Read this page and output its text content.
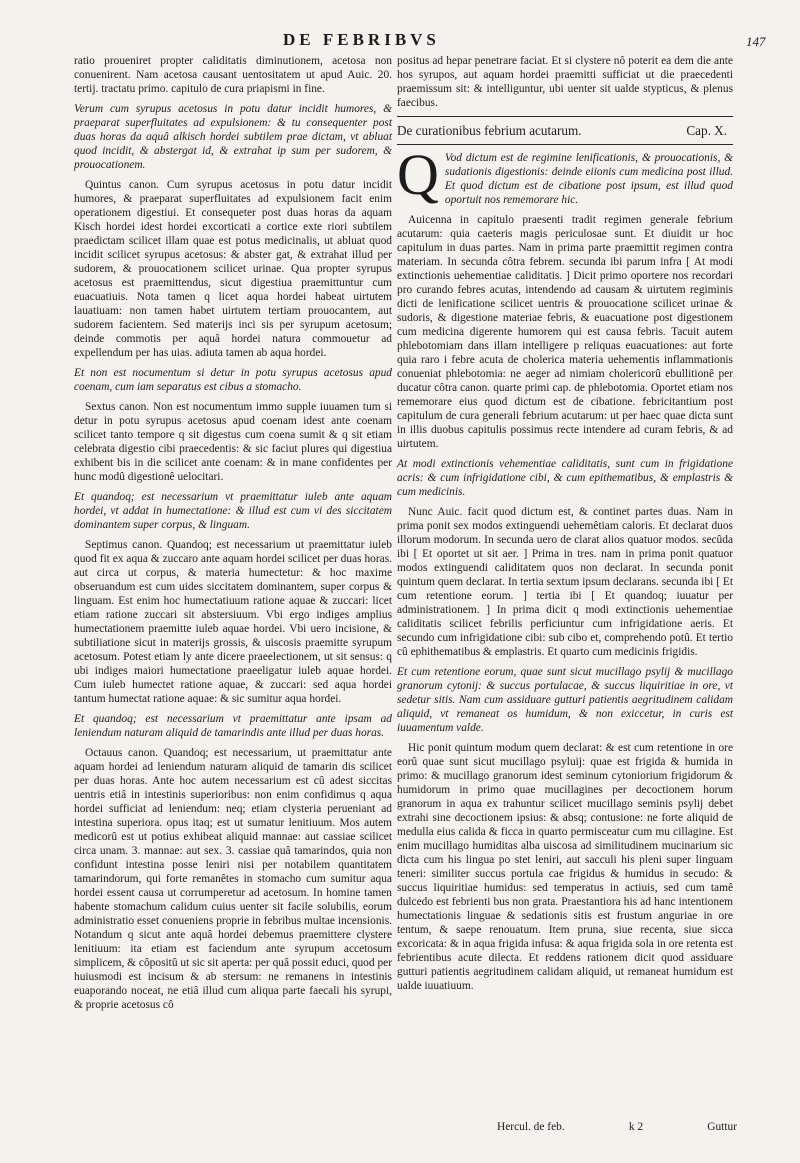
DE FEBRIBVS	147

ratio proueniret propter caliditatis diminutionem, acetosa non conuenirent. Nam acetosa causant uentositatem ut apud Auic. 20. tertij. tractatu primo. capitulo de cura priapismi in fine.

Verum cum syrupus acetosus in potu datur incidit humores, & praeparat superfluitates ad expulsionem: & tu consequenter post duas horas da aquâ alkisch hordei subtilem prae dictam, vt abluat quod incidit, & abstergat id, & extrahat ip sum per sudorem, & prouocationem.

Quintus canon. Cum syrupus acetosus in potu datur incidit humores, & praeparat superfluitates ad expulsionem facit enim operationem digestiui. Et consequeter post duas horas da aquam Kisch hordei idest hordei excorticati a cortice exte riori subtilem praedictam scilicet illam quae est potus medicinalis, ut abluat quod incidit scilicet syrupus acetosus: & abster gat, & extrahat illud per sudorem, & prouocationem scilicet urinae. Qua propter syrupus acetosus est praemittendus, sicut digestiua praemittuntur cum euacuatiuis. Nota tamen q licet aqua hordei habeat uirtutem lauatiuam: non tamen habet uirtutem tertiam prouocantem, aut sudorem facientem. Sed materijs inci sis per syrupum acetosum; deinde commotis per aquâ hordei natura commouetur ad expellendum per has uias. adiuta tamen ab aqua hordei.

Et non est nocumentum si detur in potu syrupus acetosus apud coenam, cum iam separatus est cibus a stomacho.

Sextus canon. Non est nocumentum immo supple iuuamen tum si detur in potu syrupus acetosus apud coenam idest ante coenam scilicet tanto tempore q sit digestus cum coena sumit & q sit etiam celebrata digestio cibi praecedentis: & sic faciut plures qui digestiua exhibent bis in die scilicet ante coenam: & in mane confidentes per hunc modû digestionê uelocitari.

Et quandoq; est necessarium vt praemittatur iuleb ante aquam hordei, vt addat in humectatione: & illud est cum vi des siccitatem dominantem super corpus, & linguam.

Septimus canon. Quandoq; est necessarium ut praemittatur iuleb quod fit ex aqua & zuccaro ante aquam hordei scilicet per duas horas. aut circa ut corpus, & materia humectetur: & hoc maxime obseruandum est cum uides siccitatem dominantem, super corpus & linguam. Est enim hoc humectatiuum ratione aquae & zuccari: licet etiam ratione zuccari sit abstersiuum. Vbi ergo indiges amplius humectationem praemitte iuleb aquae hordei. Vbi uero incisione, & subtiliatione sicut in materijs grossis, & uiscosis praemitte syrupum acetosum. Potest etiam ly ante dicere praeelectionem, ut sit sensus: q ubi indiges maiori humectatione praeeligatur iuleb aquae hordei. Cum iuleb humectet ratione aquae, & zuccari: sed aqua hordei tantum humectat ratione aquae: & sic sumitur aqua hordei.

Et quandoq; est necessarium vt praemittatur ante ipsam ad leniendum naturam aliquid de tamarindis ante illud per duas horas.

Octauus canon. Quandoq; est necessarium, ut praemittatur ante aquam hordei ad leniendum naturam aliquid de tamarin dis scilicet per duas horas. Ante hoc autem necessarium est cû adest siccitas uentris etiâ in intestinis superioribus: non enim confidimus q aqua hordei sufficiat ad leniendum: neq; etiam clysteria perueniant ad intestina superiora. opus itaq; est ut sumatur lenitiuum. Mos autem medicorû est ut potius exhibeat aliquid mannae: aut cassiae scilicet circa unam. 3. mannae: aut sex. 3. cassiae quâ tamarindos, quia non confidunt intestina posse leniri nisi per notabilem quantitatem tamarindorum, qui forte remanêtes in stomacho cum sumitur aqua hordei essent causa ut corrumperetur ad acetosum. In homine tamen habente stomachum calidum cuius uenter sit facile solubilis, eorum administratio esset conueniens proprie in febribus multae incensionis. Notandum q sicut ante aquâ hordei debemus praemittere clystere lenitiuum: ita etiam est faciendum ante syrupum accetosum simplicem, & côpositû ut sic sit aperta: per quâ possit educi, quod per huiusmodi est incisum & ab stersum: ne remanens in intestinis euaporando noceat, ne etiâ illud cum aliqua parte faecali his syrupi, & proprie acetosus cô

positus ad hepar penetrare faciat. Et si clystere nô poterit ea dem die ante hos syrupos, aut aquam hordei praemitti sufficiat ut die praecedenti praemissum sit: & intelliguntur, ubi uenter sit ualde stypticus, & plenus faecibus.

De curationibus febrium acutarum.	Cap. X.

Q Vod dictum est de regimine lenificationis, & prouocationis, & sudationis digestionis: deinde eiionis cum medicina post illud. Et quod dictum est de cibatione post ipsum, est illud quod oportuit nos rememorare hic.

Auicenna in capitulo praesenti tradit regimen generale febrium acutarum: quia caeteris magis periculosae sunt. Et diuidit ur hoc capitulum in duas partes. Nam in prima parte praemittit regimen contra materiam. In secunda côtra febrem. secunda ibi parum infra [ At modi extinctionis uehementiae caliditatis. ] Dicit primo oportere nos recordari pro curando febres acutas, intendendo ad causam & uirtutem regiminis dicti de lenificatione scilicet uentris & prouocatione scilicet urinae & sudoris, & digestione materiae febris, & euacuatione post digestionem cum medicina digerente humorem qui est causa febris. Tacuit autem phlebotomiam dans illam intelligere p reliquas euacuationes: aut forte quia raro i febre acuta de cholerica materia uehementis inflammationis conueniat phlebotomia: ne aeger ad nimiam cholericorû ebullitionê per ducatur côtra canon. quarte primi cap. de phlebotomia. Oportet etiam nos rememorare eius quod dictum est de cibatione. febricitantium post capitulum de cura generali febrium acutarum: ut per haec quae dicta sunt in illis duobus capitulis possimus recte intendere ad curam febris, & ad uirtutem.

At modi extinctionis vehementiae caliditatis, sunt cum in frigidatione acris: & cum infrigidatione cibi, & cum epithematibus, & emplastris & cum medicinis.

Nunc Auic. facit quod dictum est, & continet partes duas. Nam in prima ponit sex modos extinguendi uehemêtiam caloris. Et declarat duos illorum modorum. In secunda uero de clarat alios quatuor modos. secûda ibi [ Et oportet ut sit aer. ] Prima in tres. nam in prima ponit quatuor modos extinguendi caliditatem quos non declarat. In secunda ponit quintum quem declarat. In tertia sextum ipsum declarans. secunda ibi [ Et cum retentione eorum. ] tertia ibi [ Et quandoq; iuuatur per administrationem. ] In prima dicit q modi extinctionis uehementiae caliditatis scilicet febrilis perficiuntur cum infrigidatione aeris. Et secundo cum infrigidatione cibi: sub cibo et, comprehendo potû. Et tertio cû ephithematibus & emplastris. Et quarto cum medicinis frigidis.

Et cum retentione eorum, quae sunt sicut mucillago psylij & mucillago granorum cytonij: & succus portulacae, & succus liquiritiae in ore, vt sedetur sitis. Nam cum assiduare gutturi patientis aegritudinem calidam aliquid, vt remaneat os humidum, & non exiccetur, in curis est iuuamentum valde.

Hic ponit quintum modum quem declarat: & est cum retentione in ore eorû quae sunt sicut mucillago psyluij: quae est frigida & humida in primo: & mucillago granorum idest seminum cytoniorium frigidorum & humidorum in primo quae mucillagines per decoctionem horum granorum in aqua ex trahuntur scilicet mucillago seminis psylij debet extrahi sine decoctionem ipsius: & absq; contusione: ne forte aliquid de medulla eius calida & ficca in quarto permisceatur cum mu cillagine. Est enim mucillago humiditas alba uiscosa ad similitudinem mucinarium sic dicta cum his lingua po stet leniri, aut sacculi his pleni super linguam teneri: similiter succus portula cae frigidus & humidus in secudo: & succus liquiritiae humidus: sed temperatus in actiuis, sed cum tamê dulcedo est febrienti bus non grata. Praestantiora his ad hanc intentionem humectationis linguae & sedationis sitis est frustum anguriae in ore tentum, & saepe renouatum. Item pruna, siue recenta, siue sicca excoricata: & in aqua frigida infusa: & aqua frigida sola in ore retenta est febrientibus acute dilecta. Et reddens rationem dicit quod assiduare gutturi patientis aegritudinem calidam aliquid, ut remaneat humidum est ualde iuuatiuum.

Hercul. de feb.	k 2	Guttur
